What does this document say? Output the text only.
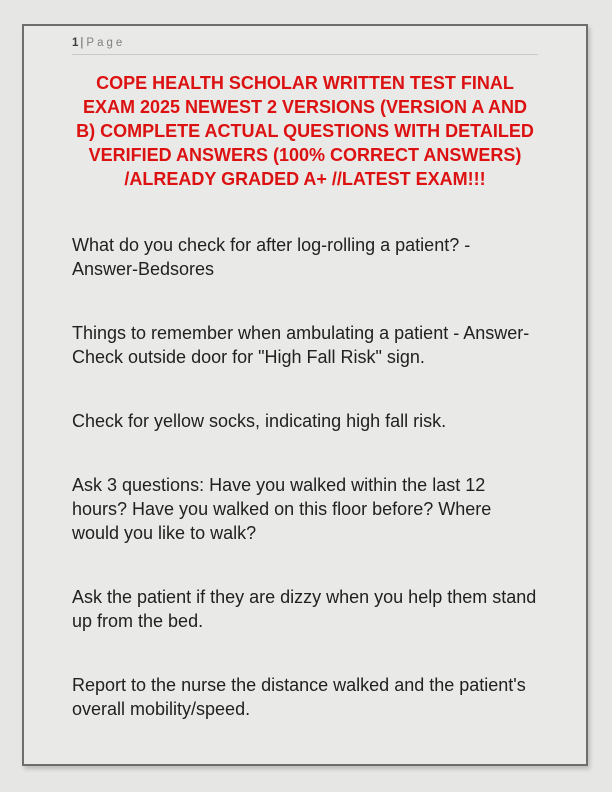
1| Page
COPE HEALTH SCHOLAR WRITTEN TEST FINAL EXAM 2025 NEWEST 2 VERSIONS (VERSION A AND B) COMPLETE ACTUAL QUESTIONS WITH DETAILED VERIFIED ANSWERS (100% CORRECT ANSWERS) /ALREADY GRADED A+ //LATEST EXAM!!!

What do you check for after log-rolling a patient? - Answer-Bedsores

Things to remember when ambulating a patient - Answer-Check outside door for "High Fall Risk" sign.

Check for yellow socks, indicating high fall risk.

Ask 3 questions: Have you walked within the last 12 hours? Have you walked on this floor before? Where would you like to walk?

Ask the patient if they are dizzy when you help them stand up from the bed.

Report to the nurse the distance walked and the patient's overall mobility/speed.
